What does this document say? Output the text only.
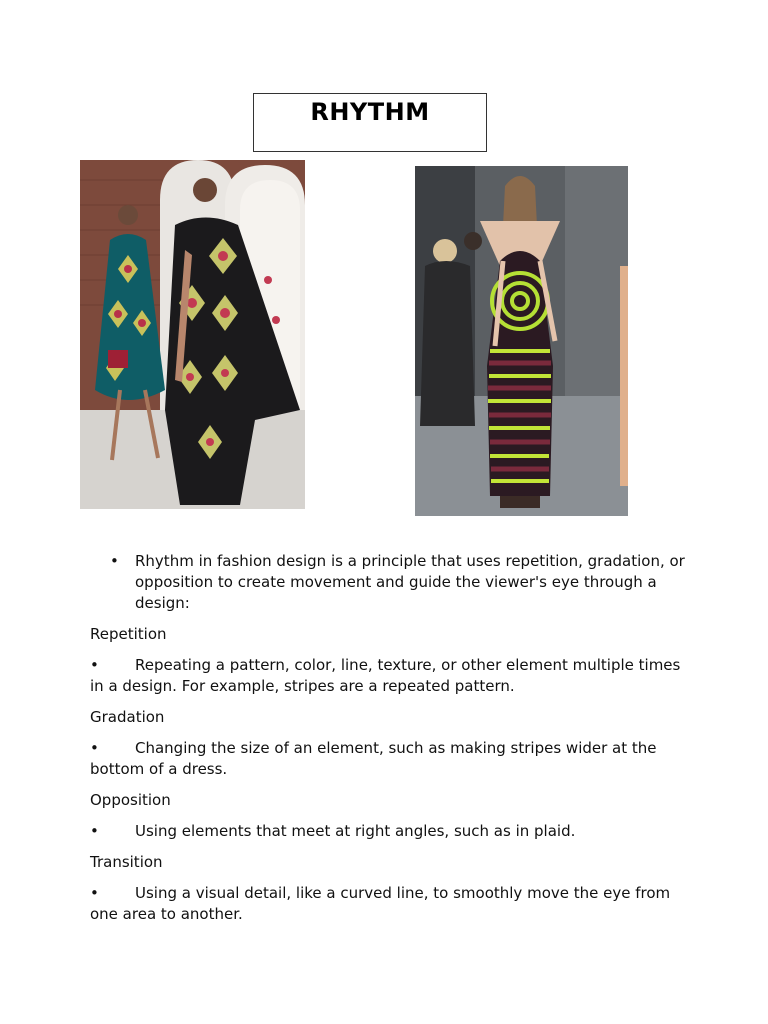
RHYTHM
• Rhythm in fashion design is a principle that uses repetition, gradation, or opposition to create movement and guide the viewer's eye through a design:
Repetition
• Repeating a pattern, color, line, texture, or other element multiple times in a design. For example, stripes are a repeated pattern.
Gradation
• Changing the size of an element, such as making stripes wider at the bottom of a dress.
Opposition
• Using elements that meet at right angles, such as in plaid.
Transition
• Using a visual detail, like a curved line, to smoothly move the eye from one area to another.
